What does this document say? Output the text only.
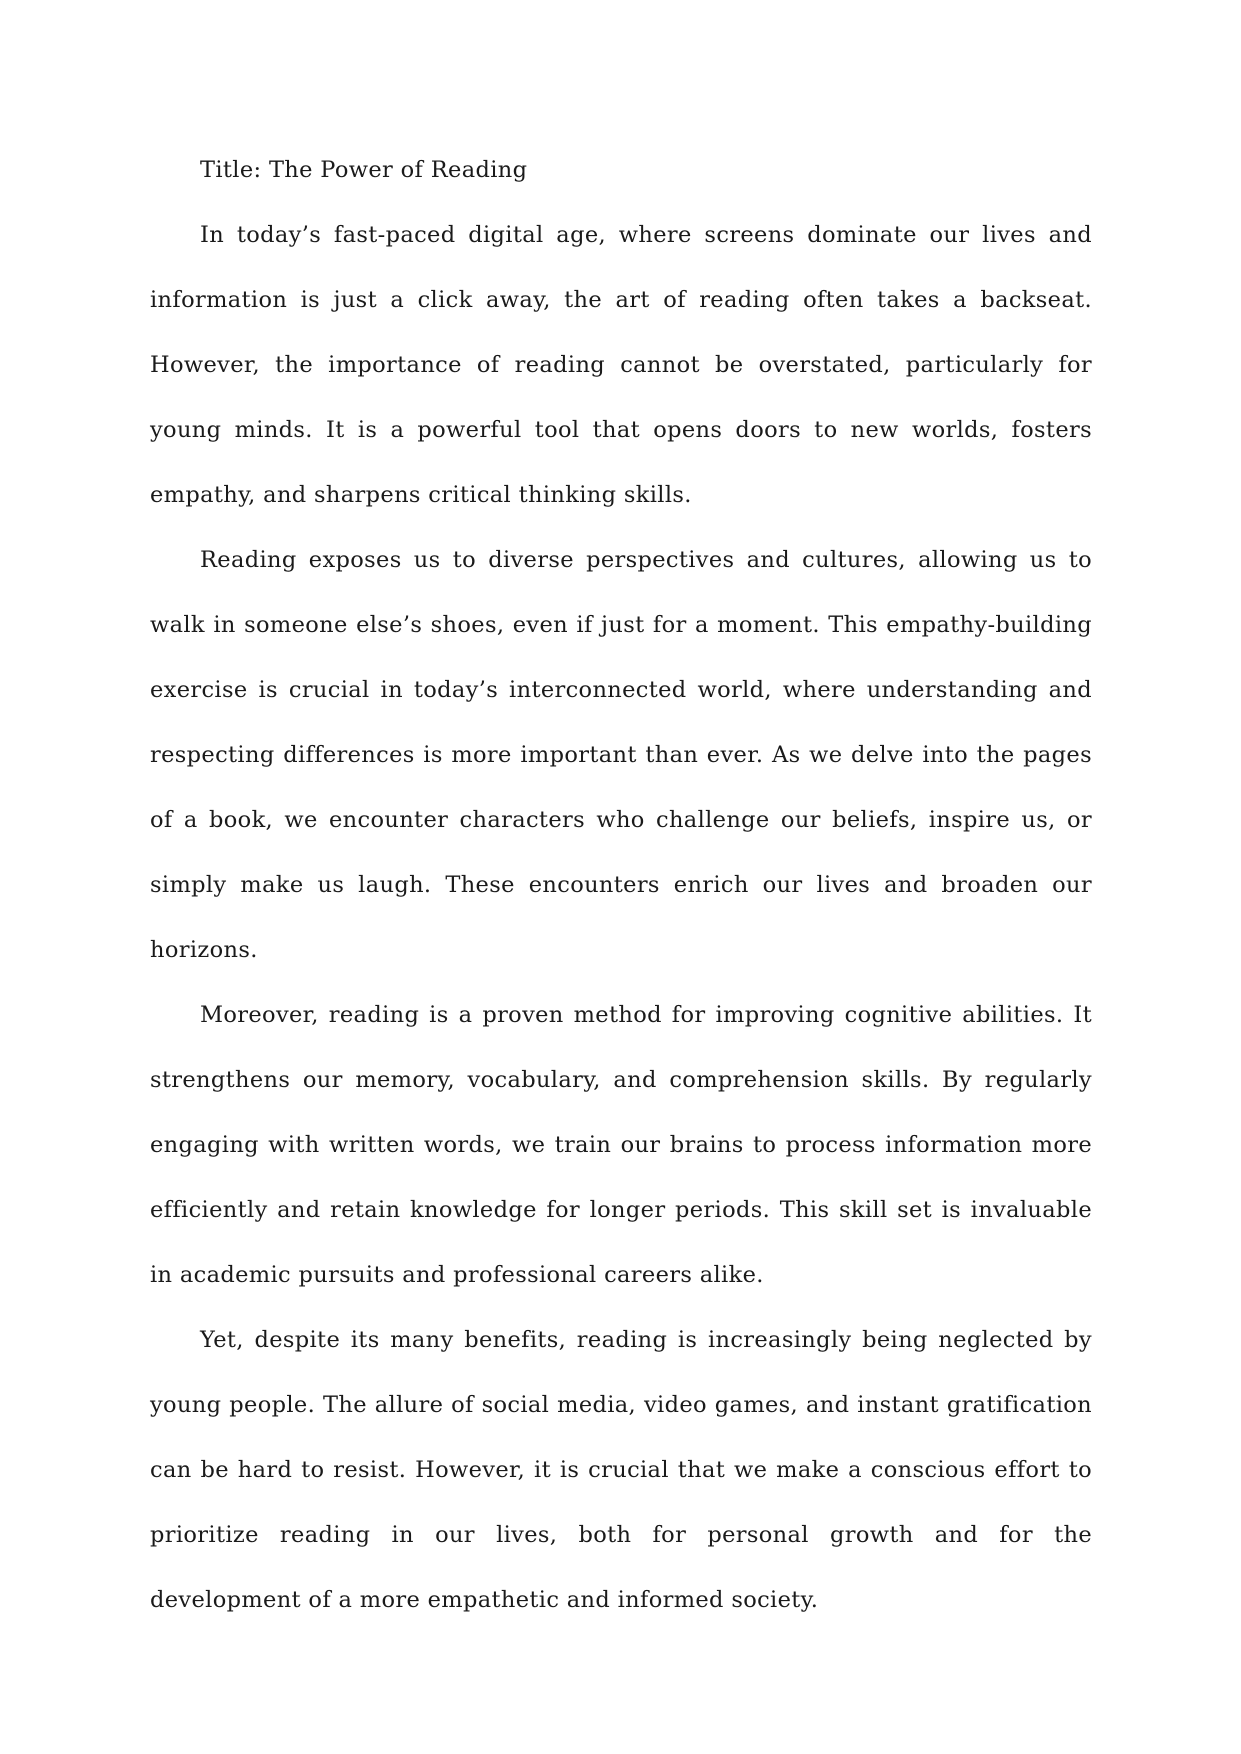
Title: The Power of Reading

In today’s fast-paced digital age, where screens dominate our lives and information is just a click away, the art of reading often takes a backseat. However, the importance of reading cannot be overstated, particularly for young minds. It is a powerful tool that opens doors to new worlds, fosters empathy, and sharpens critical thinking skills.

Reading exposes us to diverse perspectives and cultures, allowing us to walk in someone else’s shoes, even if just for a moment. This empathy-building exercise is crucial in today’s interconnected world, where understanding and respecting differences is more important than ever. As we delve into the pages of a book, we encounter characters who challenge our beliefs, inspire us, or simply make us laugh. These encounters enrich our lives and broaden our horizons.

Moreover, reading is a proven method for improving cognitive abilities. It strengthens our memory, vocabulary, and comprehension skills. By regularly engaging with written words, we train our brains to process information more efficiently and retain knowledge for longer periods. This skill set is invaluable in academic pursuits and professional careers alike.

Yet, despite its many benefits, reading is increasingly being neglected by young people. The allure of social media, video games, and instant gratification can be hard to resist. However, it is crucial that we make a conscious effort to prioritize reading in our lives, both for personal growth and for the development of a more empathetic and informed society.
